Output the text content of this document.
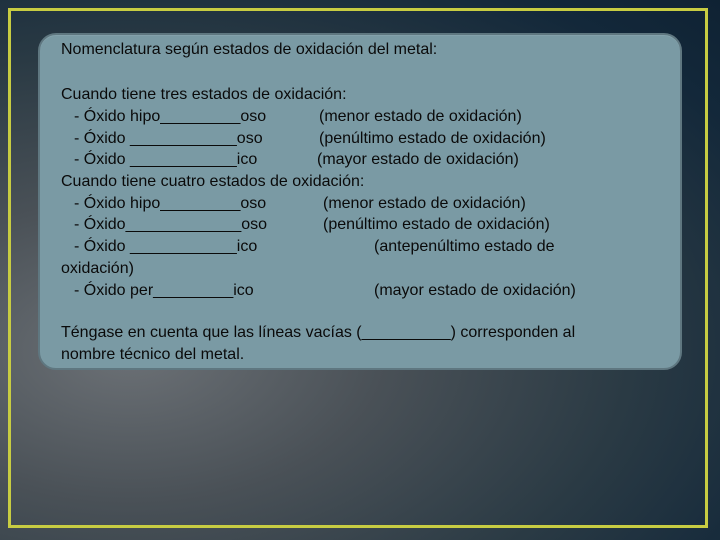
Nomenclatura según estados de oxidación del metal:

Cuando tiene tres estados de oxidación:

- Óxido hipo_________oso	(menor estado de oxidación)

- Óxido ____________oso	(penúltimo estado de oxidación)

- Óxido ____________ico	(mayor estado de oxidación)

Cuando tiene cuatro estados de oxidación:

- Óxido hipo_________oso	(menor estado de oxidación)

- Óxido_____________oso	(penúltimo estado de oxidación)

- Óxido ____________ico	(antepenúltimo estado de

oxidación)

- Óxido per_________ico	(mayor estado de oxidación)

Téngase en cuenta que las líneas vacías (__________) corresponden al

nombre técnico del metal.
